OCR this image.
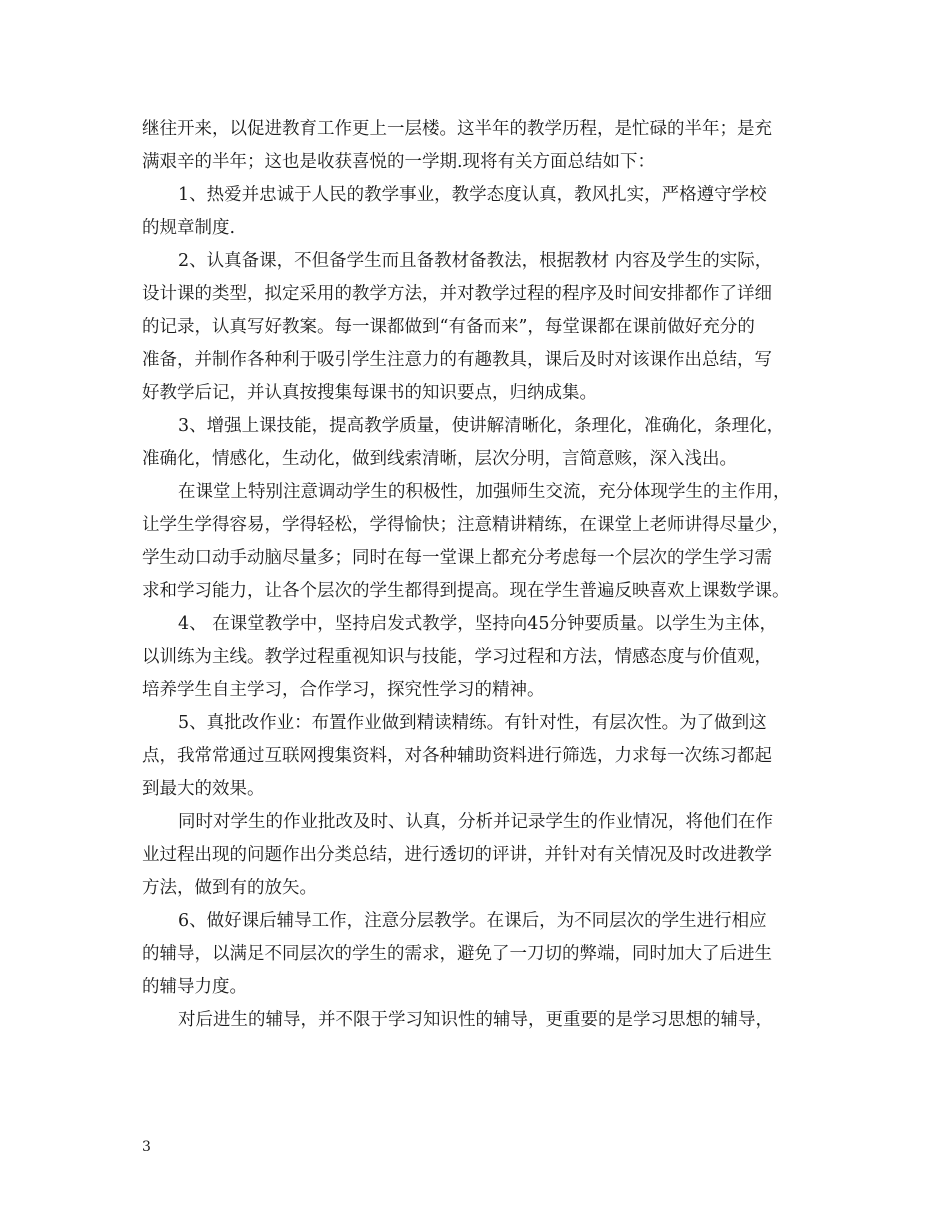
继往开来，以促进教育工作更上一层楼。这半年的教学历程，是忙碌的半年；是充
满艰辛的半年；这也是收获喜悦的一学期.现将有关方面总结如下：
1、热爱并忠诚于人民的教学事业，教学态度认真，教风扎实，严格遵守学校
的规章制度.
2、认真备课，不但备学生而且备教材备教法，根据教材 内容及学生的实际，
设计课的类型，拟定采用的教学方法，并对教学过程的程序及时间安排都作了详细
的记录，认真写好教案。每一课都做到“有备而来”，每堂课都在课前做好充分的
准备，并制作各种利于吸引学生注意力的有趣教具，课后及时对该课作出总结，写
好教学后记，并认真按搜集每课书的知识要点，归纳成集。
3、增强上课技能，提高教学质量，使讲解清晰化，条理化，准确化，条理化，
准确化，情感化，生动化，做到线索清晰，层次分明，言简意赅，深入浅出。
在课堂上特别注意调动学生的积极性，加强师生交流，充分体现学生的主作用，
让学生学得容易，学得轻松，学得愉快；注意精讲精练，在课堂上老师讲得尽量少，
学生动口动手动脑尽量多；同时在每一堂课上都充分考虑每一个层次的学生学习需
求和学习能力，让各个层次的学生都得到提高。现在学生普遍反映喜欢上课数学课。
4、 在课堂教学中，坚持启发式教学，坚持向45分钟要质量。以学生为主体，
以训练为主线。教学过程重视知识与技能，学习过程和方法，情感态度与价值观，
培养学生自主学习，合作学习，探究性学习的精神。
5、真批改作业：布置作业做到精读精练。有针对性，有层次性。为了做到这
点，我常常通过互联网搜集资料，对各种辅助资料进行筛选，力求每一次练习都起
到最大的效果。
同时对学生的作业批改及时、认真，分析并记录学生的作业情况，将他们在作
业过程出现的问题作出分类总结，进行透切的评讲，并针对有关情况及时改进教学
方法，做到有的放矢。
6、做好课后辅导工作，注意分层教学。在课后，为不同层次的学生进行相应
的辅导，以满足不同层次的学生的需求，避免了一刀切的弊端，同时加大了后进生
的辅导力度。
对后进生的辅导，并不限于学习知识性的辅导，更重要的是学习思想的辅导，
3
